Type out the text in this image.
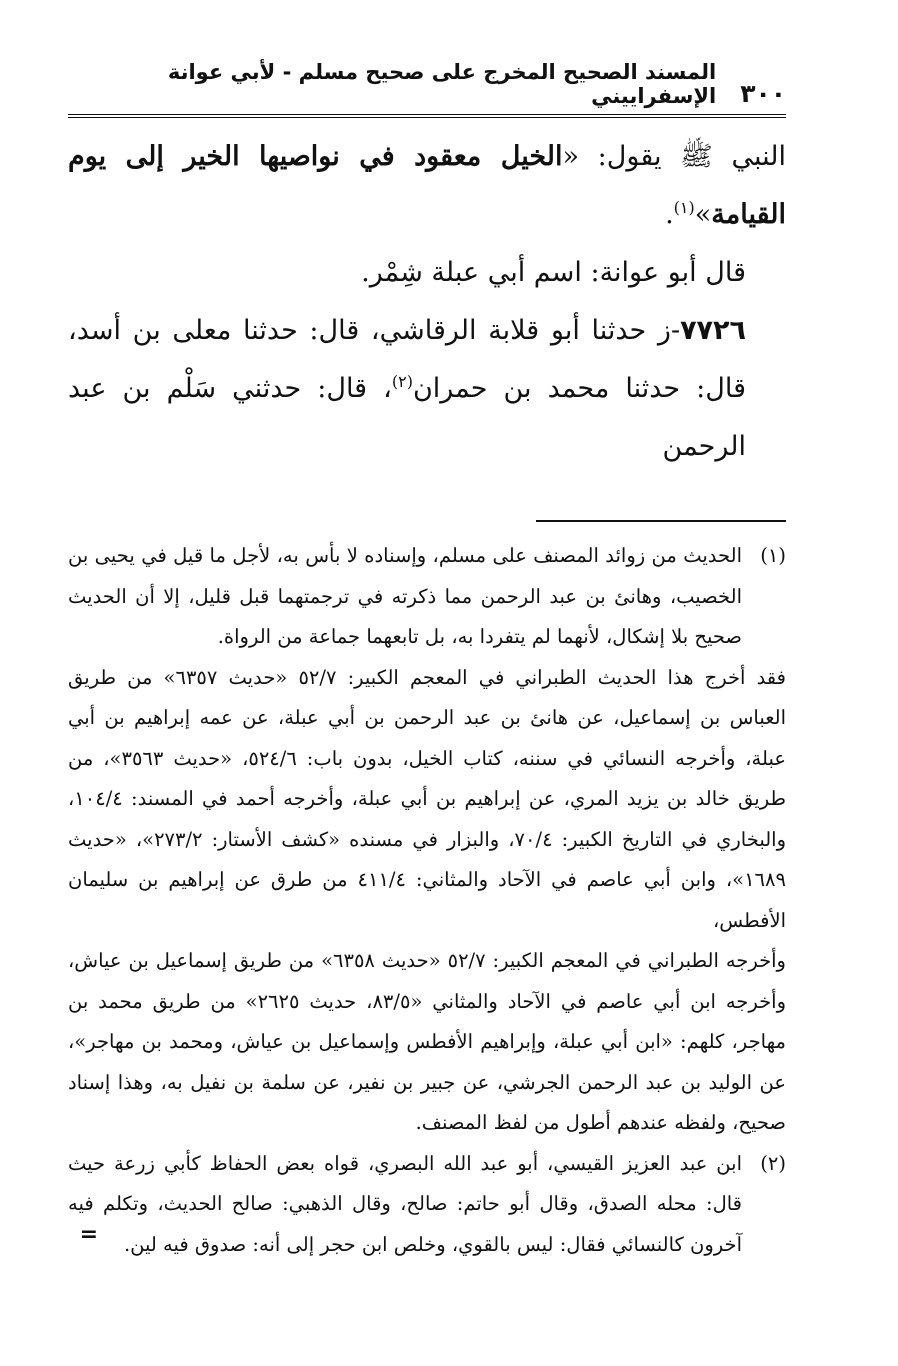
٣٠٠
المسند الصحيح المخرج على صحيح مسلم - لأبي عوانة الإسفراييني

النبي ﷺ يقول: «الخيل معقود في نواصيها الخير إلى يوم القيامة»$^{(١)}$.

قال أبو عوانة: اسم أبي عبلة شِمْر.

٧٧٢٦-ز حدثنا أبو قلابة الرقاشي، قال: حدثنا معلى بن أسد، قال: حدثنا محمد بن حمران$^{(٢)}$، قال: حدثني سَلْم بن عبد الرحمن

(١)

الحديث من زوائد المصنف على مسلم، وإسناده لا بأس به، لأجل ما قيل في يحيى بن الخصيب، وهانئ بن عبد الرحمن مما ذكرته في ترجمتهما قبل قليل، إلا أن الحديث صحيح بلا إشكال، لأنهما لم يتفردا به، بل تابعهما جماعة من الرواة.

فقد أخرج هذا الحديث الطبراني في المعجم الكبير: ٥٢/٧ «حديث ٦٣٥٧» من طريق العباس بن إسماعيل، عن هانئ بن عبد الرحمن بن أبي عبلة، عن عمه إبراهيم بن أبي عبلة، وأخرجه النسائي في سننه، كتاب الخيل، بدون باب: ٥٢٤/٦، «حديث ٣٥٦٣»، من طريق خالد بن يزيد المري، عن إبراهيم بن أبي عبلة، وأخرجه أحمد في المسند: ١٠٤/٤، والبخاري في التاريخ الكبير: ٧٠/٤، والبزار في مسنده «كشف الأستار: ٢٧٣/٢»، «حديث ١٦٨٩»، وابن أبي عاصم في الآحاد والمثاني: ٤١١/٤ من طرق عن إبراهيم بن سليمان الأفطس،

وأخرجه الطبراني في المعجم الكبير: ٥٢/٧ «حديث ٦٣٥٨» من طريق إسماعيل بن عياش، وأخرجه ابن أبي عاصم في الآحاد والمثاني «٨٣/٥، حديث ٢٦٢٥» من طريق محمد بن مهاجر، كلهم: «ابن أبي عبلة، وإبراهيم الأفطس وإسماعيل بن عياش، ومحمد بن مهاجر»، عن الوليد بن عبد الرحمن الجرشي، عن جبير بن نفير، عن سلمة بن نفيل به، وهذا إسناد صحيح، ولفظه عندهم أطول من لفظ المصنف.

(٢)

ابن عبد العزيز القيسي، أبو عبد الله البصري، قواه بعض الحفاظ كأبي زرعة حيث قال: محله الصدق، وقال أبو حاتم: صالح، وقال الذهبي: صالح الحديث، وتكلم فيه آخرون كالنسائي فقال: ليس بالقوي، وخلص ابن حجر إلى أنه: صدوق فيه لين.

=
